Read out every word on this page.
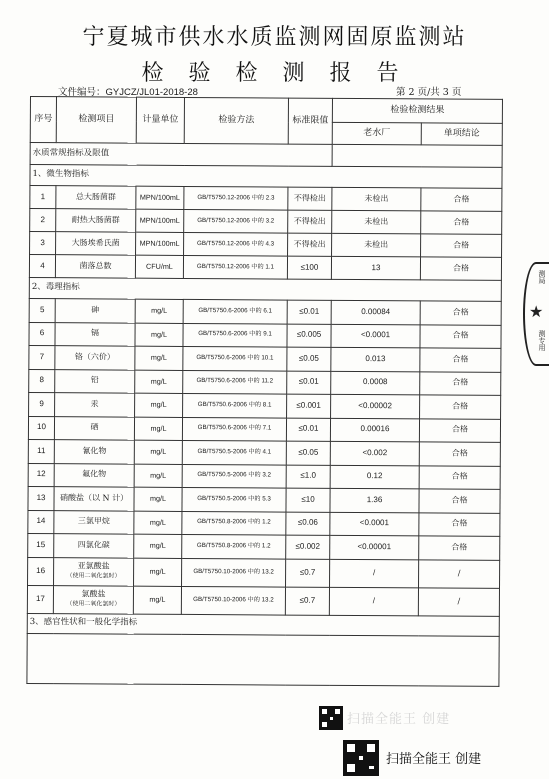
宁夏城市供水水质监测网固原监测站
检 验 检 测 报 告
文件编号：GYJCZ/JL01-2018-28	第 2 页/共 3 页
序号	检测项目	计量单位	检验方法	标准限值	检验检测结果	
					老水厂	单项结论
水质常规指标及限值						
1、微生物指标						
1	总大肠菌群	MPN/100mL	GB/T5750.12-2006 中的 2.3	不得检出	未检出	合格
2	耐热大肠菌群	MPN/100mL	GB/T5750.12-2006 中的 3.2	不得检出	未检出	合格
3	大肠埃希氏菌	MPN/100mL	GB/T5750.12-2006 中的 4.3	不得检出	未检出	合格
4	菌落总数	CFU/mL	GB/T5750.12-2006 中的 1.1	≤100	13	合格
2、毒理指标						
5	砷	mg/L	GB/T5750.6-2006 中的 6.1	≤0.01	0.00084	合格
6	镉	mg/L	GB/T5750.6-2006 中的 9.1	≤0.005	<0.0001	合格
7	铬（六价）	mg/L	GB/T5750.6-2006 中的 10.1	≤0.05	0.013	合格
8	铅	mg/L	GB/T5750.6-2006 中的 11.2	≤0.01	0.0008	合格
9	汞	mg/L	GB/T5750.6-2006 中的 8.1	≤0.001	<0.00002	合格
10	硒	mg/L	GB/T5750.6-2006 中的 7.1	≤0.01	0.00016	合格
11	氰化物	mg/L	GB/T5750.5-2006 中的 4.1	≤0.05	<0.002	合格
12	氟化物	mg/L	GB/T5750.5-2006 中的 3.2	≤1.0	0.12	合格
13	硝酸盐（以 N 计）	mg/L	GB/T5750.5-2006 中的 5.3	≤10	1.36	合格
14	三氯甲烷	mg/L	GB/T5750.8-2006 中的 1.2	≤0.06	<0.0001	合格
15	四氯化碳	mg/L	GB/T5750.8-2006 中的 1.2	≤0.002	<0.00001	合格
16	亚氯酸盐
（使用二氧化氯时）	mg/L	GB/T5750.10-2006 中的 13.2	≤0.7	/	/
17	氯酸盐
（使用二氧化氯时）	mg/L	GB/T5750.10-2006 中的 13.2	≤0.7	/	/
3、感官性状和一般化学指标						

测局
★
测专用
扫描全能王 创建
扫描全能王 创建
